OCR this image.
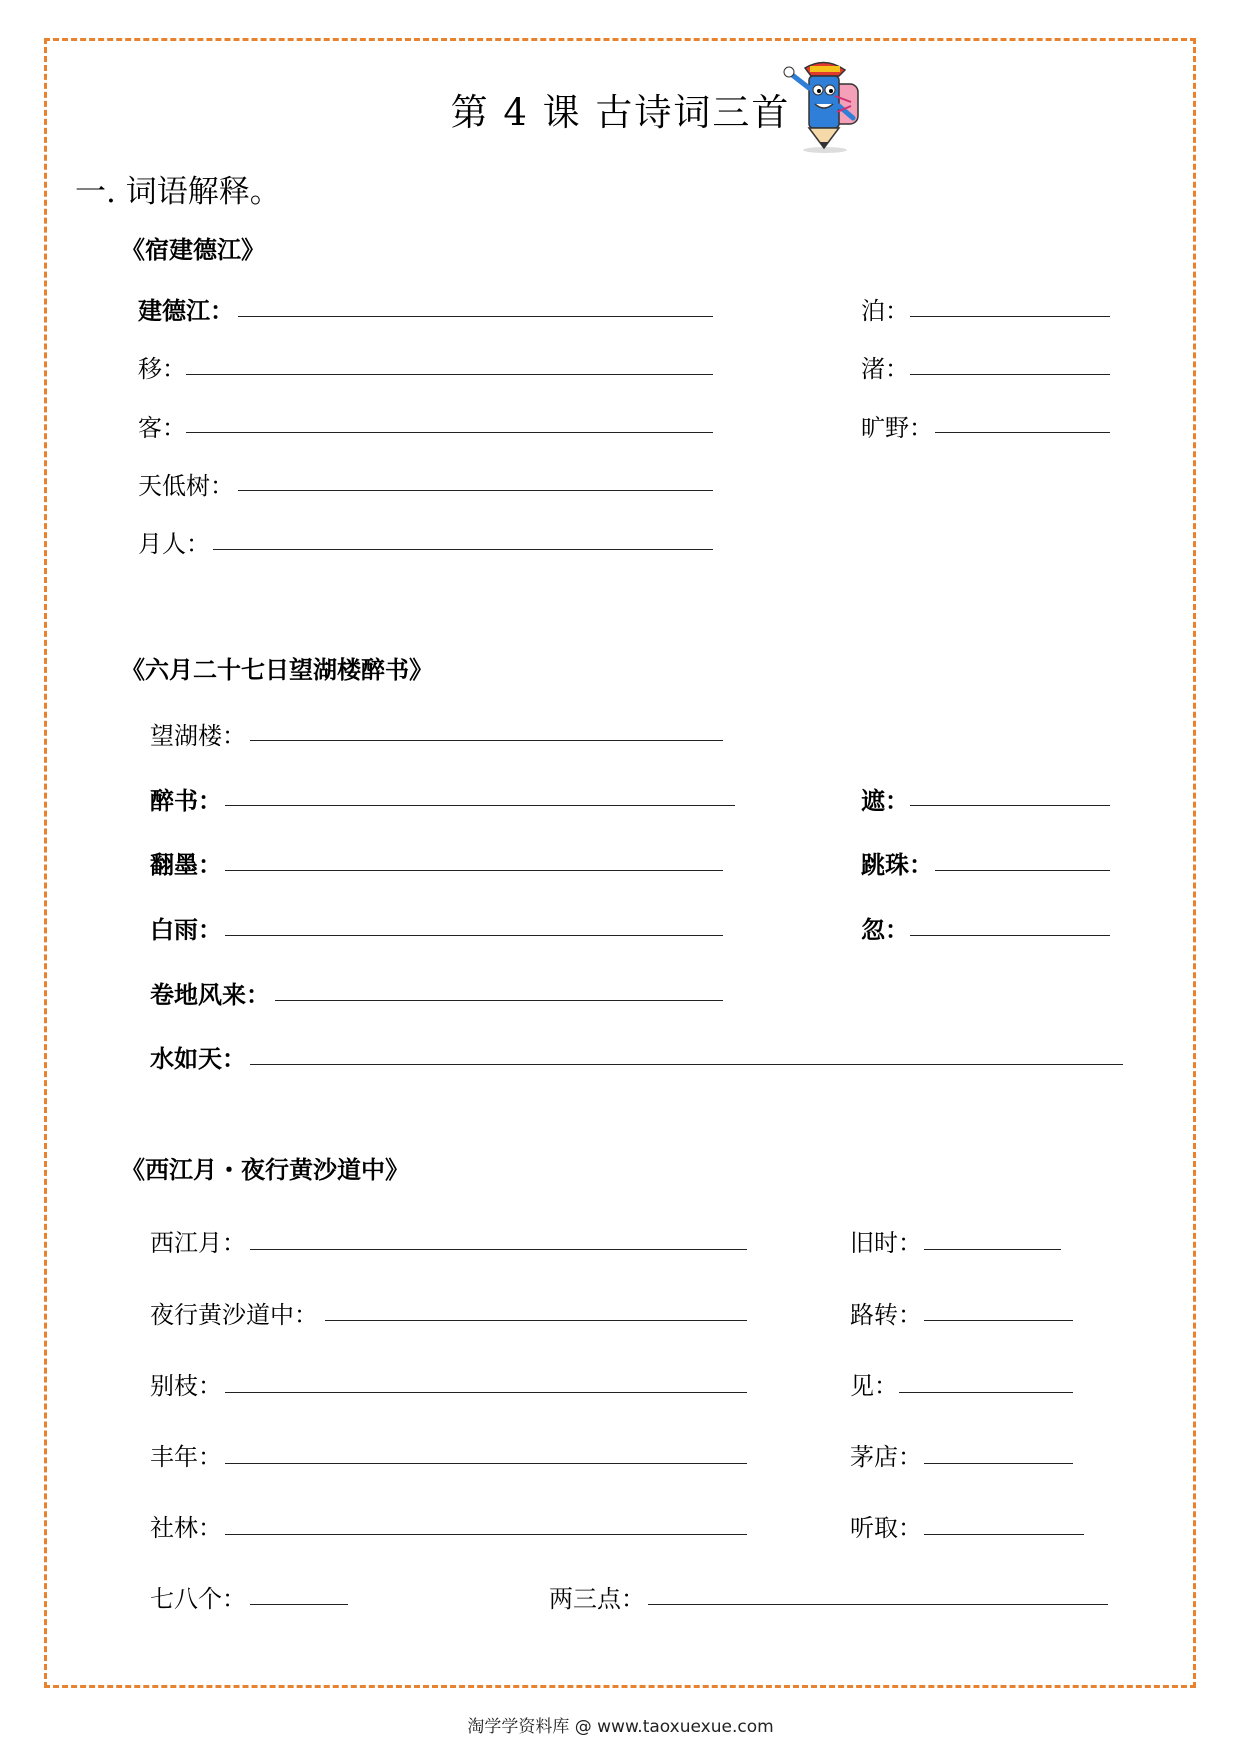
第 4 课 古诗词三首
一. 词语解释。
《宿建德江》
建德江：	泊：
移：	渚：
客：	旷野：
天低树：
月人：
《六月二十七日望湖楼醉书》
望湖楼：
醉书：	遮：
翻墨：	跳珠：
白雨：	忽：
卷地风来：
水如天：
《西江月・夜行黄沙道中》
西江月：	旧时：
夜行黄沙道中：	路转：
别枝：	见：
丰年：	茅店：
社林：	听取：
七八个：	两三点：
淘学学资料库 @ www.taoxuexue.com
